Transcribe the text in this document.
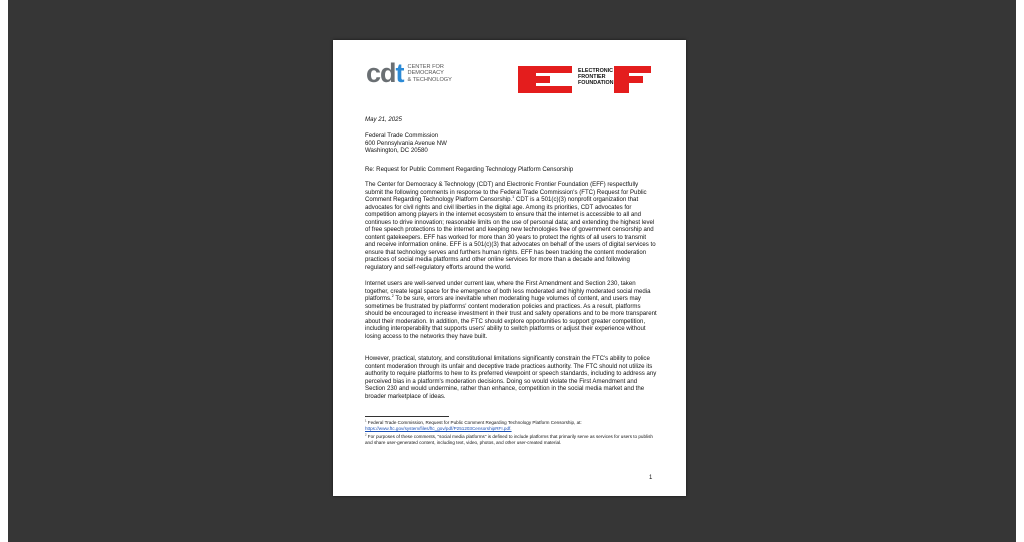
cdt CENTER FOR
DEMOCRACY
& TECHNOLOGY
ELECTRONIC
FRONTIER
FOUNDATION
May 21, 2025
Federal Trade Commission
600 Pennsylvania Avenue NW
Washington, DC 20580
Re: Request for Public Comment Regarding Technology Platform Censorship
The Center for Democracy & Technology (CDT) and Electronic Frontier Foundation (EFF) respectfully submit the following comments in response to the Federal Trade Commission's (FTC) Request for Public Comment Regarding Technology Platform Censorship.$^1$ CDT is a 501(c)(3) nonprofit organization that advocates for civil rights and civil liberties in the digital age. Among its priorities, CDT advocates for competition among players in the internet ecosystem to ensure that the internet is accessible to all and continues to drive innovation; reasonable limits on the use of personal data; and extending the highest level of free speech protections to the internet and keeping new technologies free of government censorship and content gatekeepers. EFF has worked for more than 30 years to protect the rights of all users to transmit and receive information online. EFF is a 501(c)(3) that advocates on behalf of the users of digital services to ensure that technology serves and furthers human rights. EFF has been tracking the content moderation practices of social media platforms and other online services for more than a decade and following regulatory and self-regulatory efforts around the world.
Internet users are well-served under current law, where the First Amendment and Section 230, taken together, create legal space for the emergence of both less moderated and highly moderated social media platforms.$^2$ To be sure, errors are inevitable when moderating huge volumes of content, and users may sometimes be frustrated by platforms' content moderation policies and practices. As a result, platforms should be encouraged to increase investment in their trust and safety operations and to be more transparent about their moderation. In addition, the FTC should explore opportunities to support greater competition, including interoperability that supports users' ability to switch platforms or adjust their experience without losing access to the networks they have built.
However, practical, statutory, and constitutional limitations significantly constrain the FTC's ability to police content moderation through its unfair and deceptive trade practices authority. The FTC should not utilize its authority to require platforms to hew to its preferred viewpoint or speech standards, including to address any perceived bias in a platform's moderation decisions. Doing so would violate the First Amendment and Section 230 and would undermine, rather than enhance, competition in the social media market and the broader marketplace of ideas.
$^1$ Federal Trade Commission, Request for Public Comment Regarding Technology Platform Censorship, at:
https://www.ftc.gov/system/files/ftc_gov/pdf/P251203CensorshipRFI.pdf.
$^2$ For purposes of these comments, "social media platforms" is defined to include platforms that primarily serve as services for users to publish and share user-generated content, including text, video, photos, and other user-created material.
1
